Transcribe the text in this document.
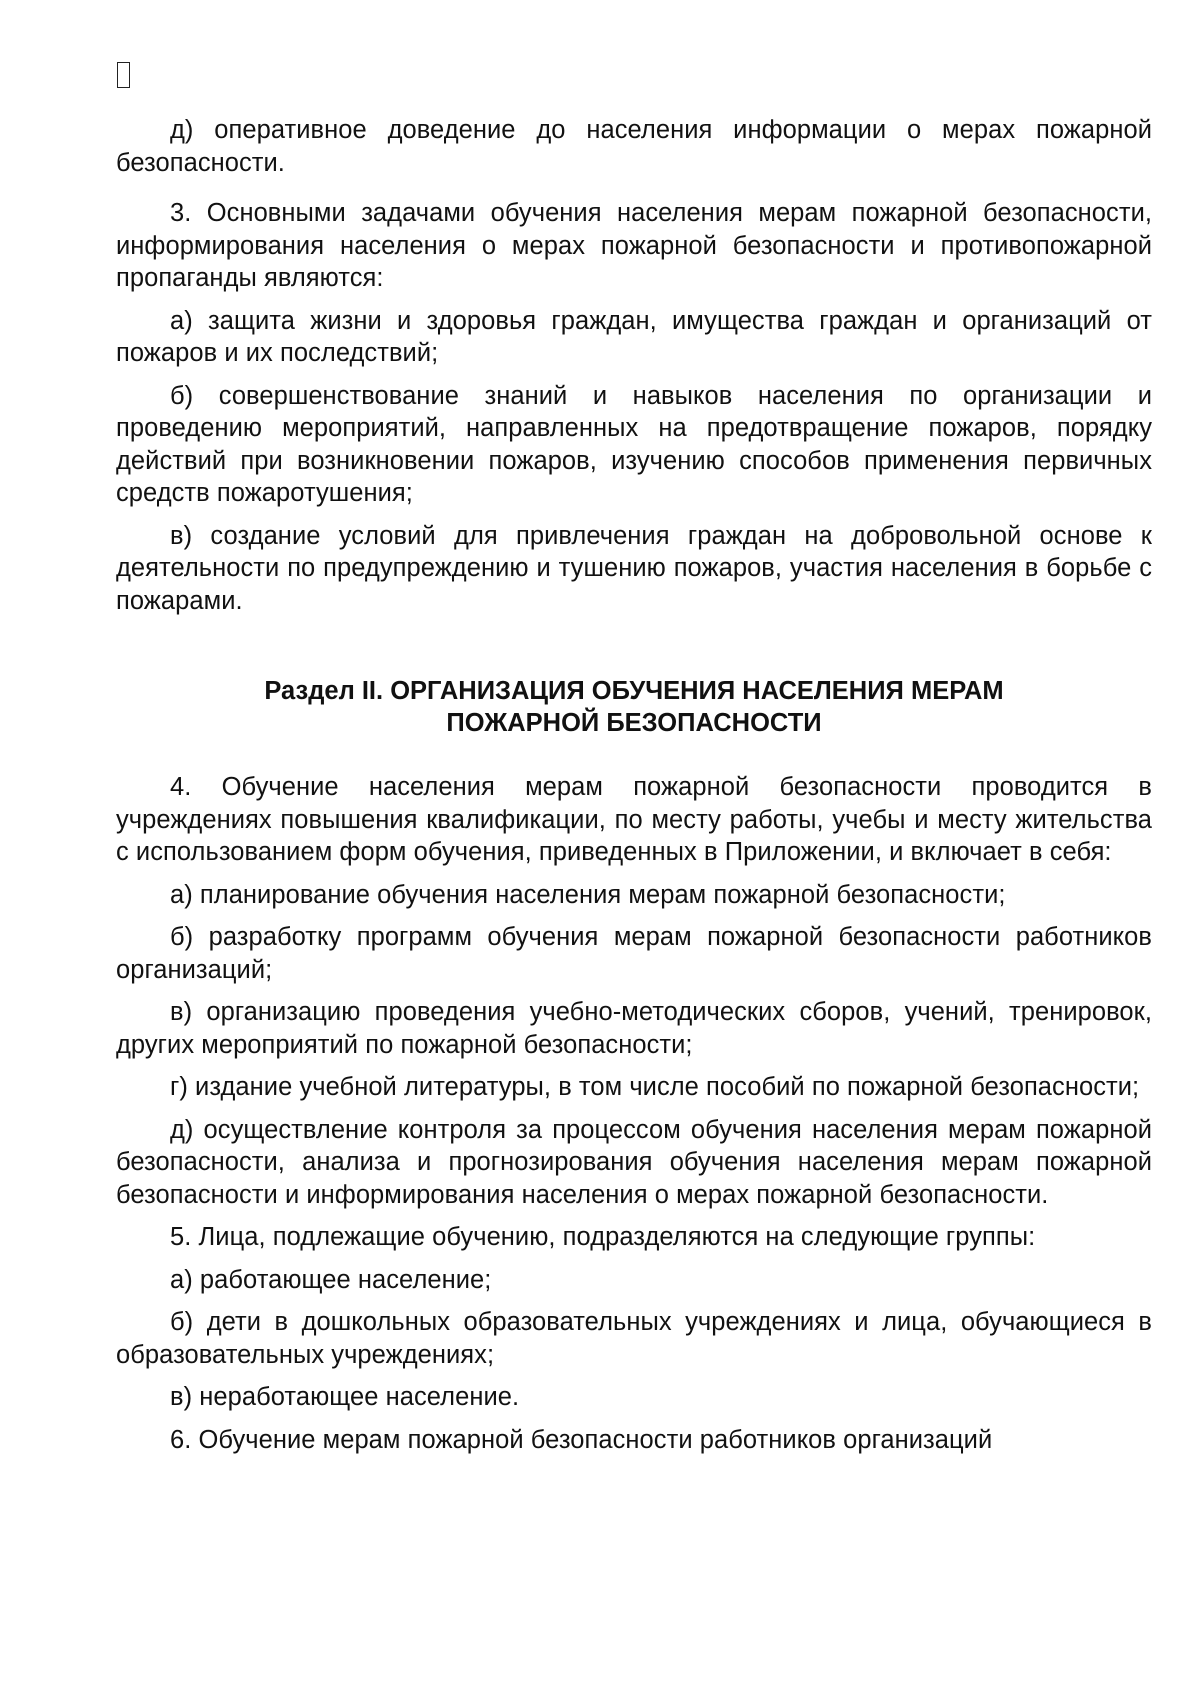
д) оперативное доведение до населения информации о мерах пожарной безопасности.

3. Основными задачами обучения населения мерам пожарной безопасности, информирования населения о мерах пожарной безопасности и противопожарной пропаганды являются:

а) защита жизни и здоровья граждан, имущества граждан и организаций от пожаров и их последствий;

б) совершенствование знаний и навыков населения по организации и проведению мероприятий, направленных на предотвращение пожаров, порядку действий при возникновении пожаров, изучению способов применения первичных средств пожаротушения;

в) создание условий для привлечения граждан на добровольной основе к деятельности по предупреждению и тушению пожаров, участия населения в борьбе с пожарами.

Раздел II. ОРГАНИЗАЦИЯ ОБУЧЕНИЯ НАСЕЛЕНИЯ МЕРАМ
ПОЖАРНОЙ БЕЗОПАСНОСТИ

4. Обучение населения мерам пожарной безопасности проводится в учреждениях повышения квалификации, по месту работы, учебы и месту жительства с использованием форм обучения, приведенных в Приложении, и включает в себя:

а) планирование обучения населения мерам пожарной безопасности;

б) разработку программ обучения мерам пожарной безопасности работников организаций;

в) организацию проведения учебно-методических сборов, учений, тренировок, других мероприятий по пожарной безопасности;

г) издание учебной литературы, в том числе пособий по пожарной безопасности;

д) осуществление контроля за процессом обучения населения мерам пожарной безопасности, анализа и прогнозирования обучения населения мерам пожарной безопасности и информирования населения о мерах пожарной безопасности.

5. Лица, подлежащие обучению, подразделяются на следующие группы:

а) работающее население;

б) дети в дошкольных образовательных учреждениях и лица, обучающиеся в образовательных учреждениях;

в) неработающее население.

6. Обучение мерам пожарной безопасности работников организаций
